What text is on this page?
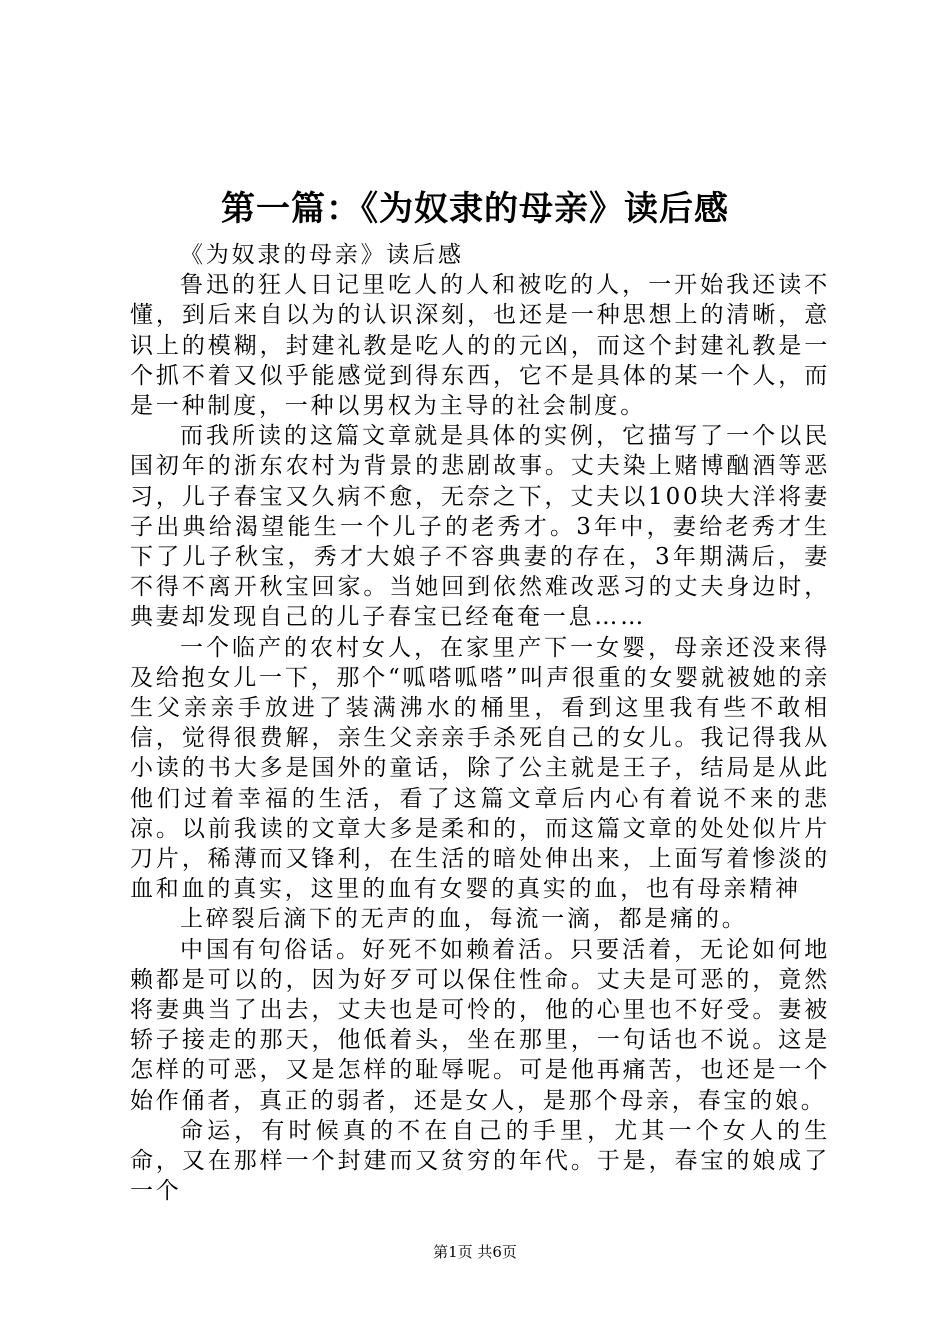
第一篇：《为奴隶的母亲》读后感

《为奴隶的母亲》读后感

鲁迅的狂人日记里吃人的人和被吃的人，一开始我还读不懂，到后来自以为的认识深刻，也还是一种思想上的清晰，意识上的模糊，封建礼教是吃人的的元凶，而这个封建礼教是一个抓不着又似乎能感觉到得东西，它不是具体的某一个人，而是一种制度，一种以男权为主导的社会制度。

而我所读的这篇文章就是具体的实例，它描写了一个以民国初年的浙东农村为背景的悲剧故事。丈夫染上赌博酗酒等恶习，儿子春宝又久病不愈，无奈之下，丈夫以100块大洋将妻子出典给渴望能生一个儿子的老秀才。3年中，妻给老秀才生下了儿子秋宝，秀才大娘子不容典妻的存在，3年期满后，妻不得不离开秋宝回家。当她回到依然难改恶习的丈夫身边时，典妻却发现自己的儿子春宝已经奄奄一息……

一个临产的农村女人，在家里产下一女婴，母亲还没来得及给抱女儿一下，那个“呱嗒呱嗒”叫声很重的女婴就被她的亲生父亲亲手放进了装满沸水的桶里，看到这里我有些不敢相信，觉得很费解，亲生父亲亲手杀死自己的女儿。我记得我从小读的书大多是国外的童话，除了公主就是王子，结局是从此他们过着幸福的生活，看了这篇文章后内心有着说不来的悲凉。以前我读的文章大多是柔和的，而这篇文章的处处似片片刀片，稀薄而又锋利，在生活的暗处伸出来，上面写着惨淡的血和血的真实，这里的血有女婴的真实的血，也有母亲精神

上碎裂后滴下的无声的血，每流一滴，都是痛的。

中国有句俗话。好死不如赖着活。只要活着，无论如何地赖都是可以的，因为好歹可以保住性命。丈夫是可恶的，竟然将妻典当了出去，丈夫也是可怜的，他的心里也不好受。妻被轿子接走的那天，他低着头，坐在那里，一句话也不说。这是怎样的可恶，又是怎样的耻辱呢。可是他再痛苦，也还是一个始作俑者，真正的弱者，还是女人，是那个母亲，春宝的娘。

命运，有时候真的不在自己的手里，尤其一个女人的生命，又在那样一个封建而又贫穷的年代。于是，春宝的娘成了一个

第1页 共6页
